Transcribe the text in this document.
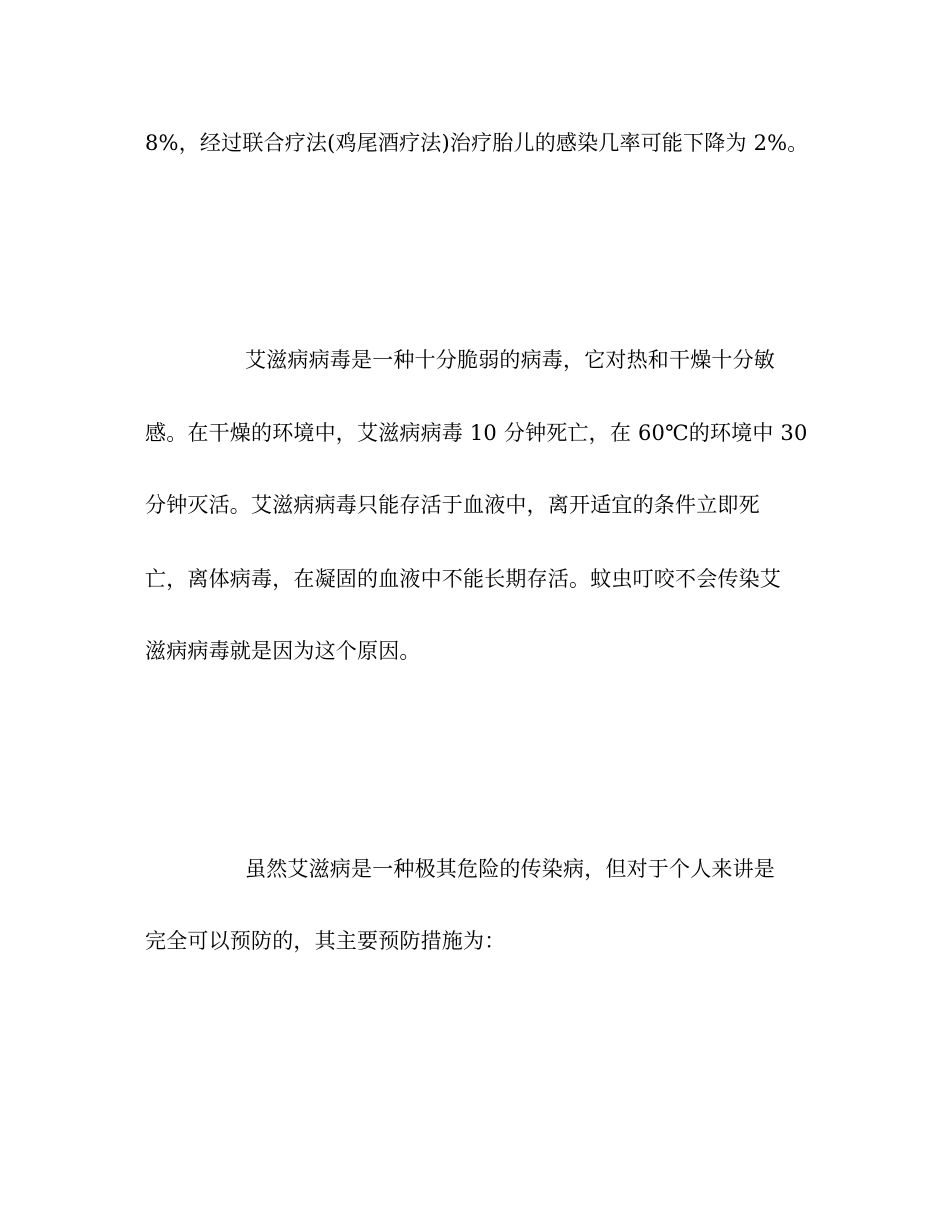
8%，经过联合疗法(鸡尾酒疗法)治疗胎儿的感染几率可能下降为 2%。

艾滋病病毒是一种十分脆弱的病毒，它对热和干燥十分敏

感。在干燥的环境中，艾滋病病毒 10 分钟死亡，在 60℃的环境中 30

分钟灭活。艾滋病病毒只能存活于血液中，离开适宜的条件立即死

亡，离体病毒，在凝固的血液中不能长期存活。蚊虫叮咬不会传染艾

滋病病毒就是因为这个原因。

虽然艾滋病是一种极其危险的传染病，但对于个人来讲是

完全可以预防的，其主要预防措施为：
